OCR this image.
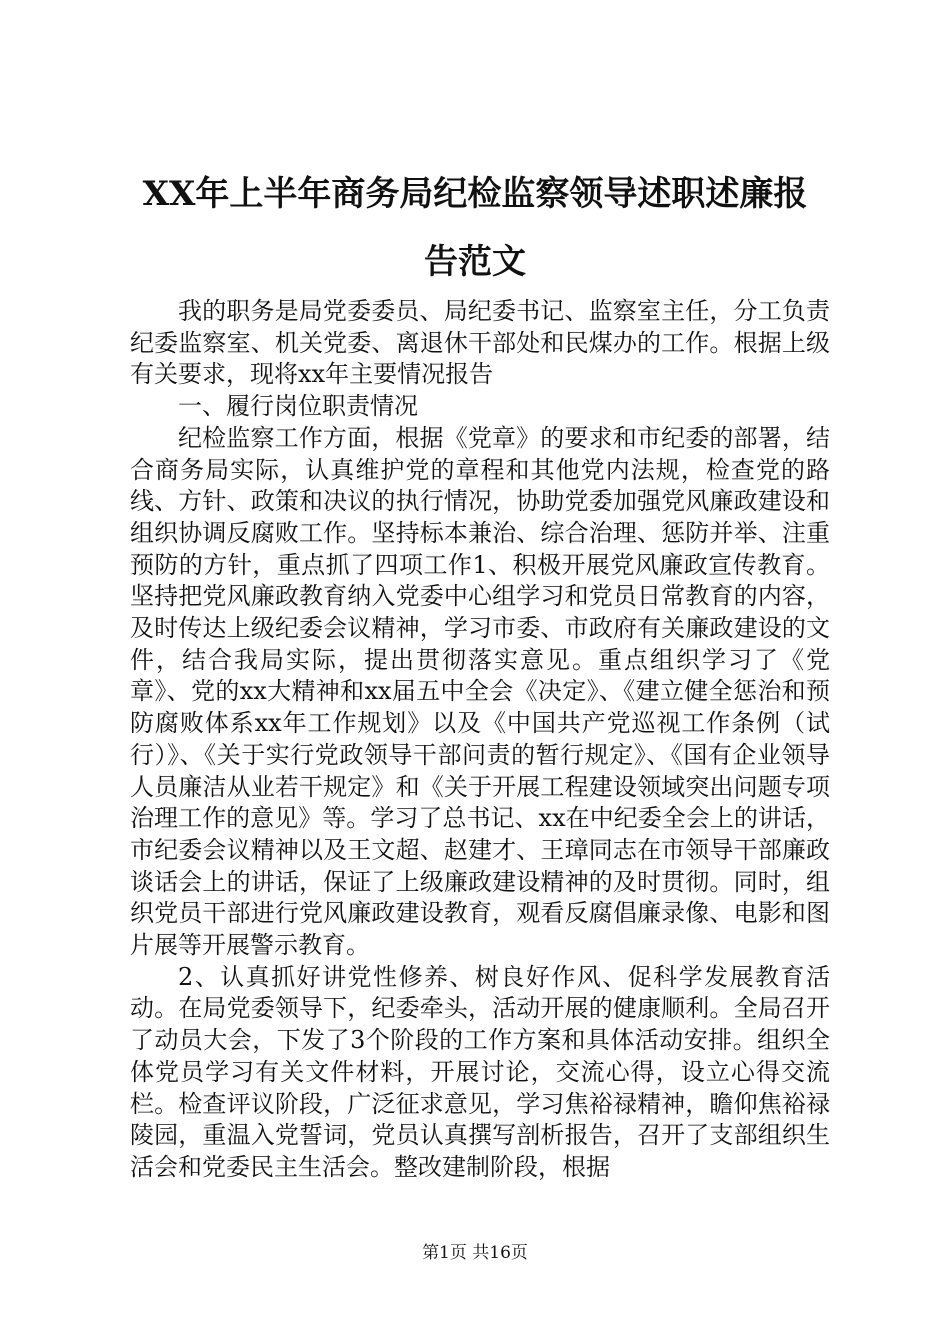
XX年上半年商务局纪检监察领导述职述廉报
告范文

我的职务是局党委委员、局纪委书记、监察室主任，分工负责纪委监察室、机关党委、离退休干部处和民煤办的工作。根据上级有关要求，现将xx年主要情况报告

一、履行岗位职责情况

纪检监察工作方面，根据《党章》的要求和市纪委的部署，结合商务局实际，认真维护党的章程和其他党内法规，检查党的路线、方针、政策和决议的执行情况，协助党委加强党风廉政建设和组织协调反腐败工作。坚持标本兼治、综合治理、惩防并举、注重预防的方针，重点抓了四项工作1、积极开展党风廉政宣传教育。坚持把党风廉政教育纳入党委中心组学习和党员日常教育的内容，及时传达上级纪委会议精神，学习市委、市政府有关廉政建设的文件，结合我局实际，提出贯彻落实意见。重点组织学习了《党章》、党的xx大精神和xx届五中全会《决定》、《建立健全惩治和预防腐败体系xx年工作规划》以及《中国共产党巡视工作条例（试行）》、《关于实行党政领导干部问责的暂行规定》、《国有企业领导人员廉洁从业若干规定》和《关于开展工程建设领域突出问题专项治理工作的意见》等。学习了总书记、xx在中纪委全会上的讲话，市纪委会议精神以及王文超、赵建才、王璋同志在市领导干部廉政谈话会上的讲话，保证了上级廉政建设精神的及时贯彻。同时，组织党员干部进行党风廉政建设教育，观看反腐倡廉录像、电影和图片展等开展警示教育。

2、认真抓好讲党性修养、树良好作风、促科学发展教育活动。在局党委领导下，纪委牵头，活动开展的健康顺利。全局召开了动员大会，下发了3个阶段的工作方案和具体活动安排。组织全体党员学习有关文件材料，开展讨论，交流心得，设立心得交流栏。检查评议阶段，广泛征求意见，学习焦裕禄精神，瞻仰焦裕禄陵园，重温入党誓词，党员认真撰写剖析报告，召开了支部组织生活会和党委民主生活会。整改建制阶段，根据

第1页 共16页
